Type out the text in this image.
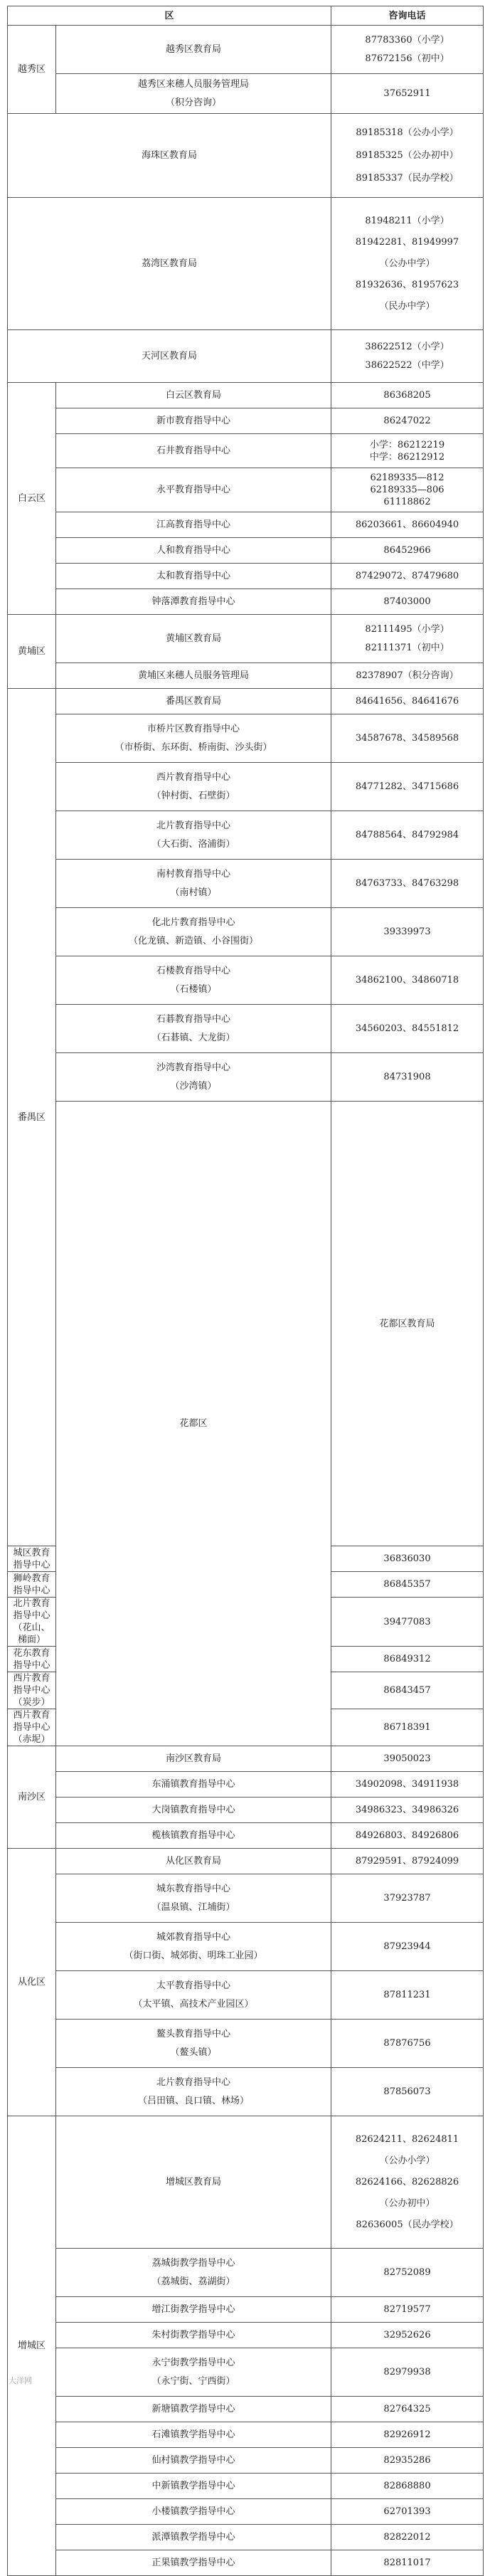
区		咨询电话	
越秀区	越秀区教育局	87783360（小学）
87672156（初中）	

	越秀区来穗人员服务管理局
（积分咨询）	37652911	

海珠区教育局		89185318（公办小学）
89185325（公办初中）
89185337（民办学校）	

荔湾区教育局		81948211（小学）
81942281、81949997
（公办中学）
81932636、81957623
（民办中学）	

天河区教育局		38622512（小学）
38622522（中学）	

白云区	白云区教育局	86368205	

	新市教育指导中心	86247022	

	石井教育指导中心	小学：86212219
中学：86212912	

	永平教育指导中心	62189335—812
62189335—806
61118862	

	江高教育指导中心	86203661、86604940	

	人和教育指导中心	86452966	

	太和教育指导中心	87429072、87479680	

	钟落潭教育指导中心	87403000	

黄埔区	黄埔区教育局	82111495（小学）
82111371（初中）	

	黄埔区来穗人员服务管理局	82378907（积分咨询）	

番禺区	番禺区教育局	84641656、84641676	

	市桥片区教育指导中心
（市桥街、东环街、桥南街、沙头街）	34587678、34589568	

	西片教育指导中心
（钟村街、石壁街）	84771282、34715686	

	北片教育指导中心
（大石街、洛浦街）	84788564、84792984	

	南村教育指导中心
（南村镇）	84763733、84763298	

	化北片教育指导中心
（化龙镇、新造镇、小谷围街）	39339973	

	石楼教育指导中心
（石楼镇）	34862100、34860718	

	石碁教育指导中心
（石碁镇、大龙街）	34560203、84551812	

	沙湾教育指导中心
（沙湾镇）	84731908	

	花都区	花都区教育局

城区教育指导中心		36836030	

狮岭教育指导中心		86845357	

北片教育指导中心（花山、梯面）		39477083	

花东教育指导中心		86849312	

西片教育指导中心（炭步）		86843457	

西片教育指导中心（赤坭）		86718391	

南沙区	南沙区教育局	39050023	

	东涌镇教育指导中心	34902098、34911938	

	大岗镇教育指导中心	34986323、34986326	

	榄核镇教育指导中心	84926803、84926806	

从化区	从化区教育局	87929591、87924099	

	城东教育指导中心
（温泉镇、江埔街）	37923787	

	城郊教育指导中心
（街口街、城郊街、明珠工业园）	87923944	

	太平教育指导中心
（太平镇、高技术产业园区）	87811231	

	鳌头教育指导中心
（鳌头镇）	87876756	

	北片教育指导中心
（吕田镇、良口镇、林场）	87856073	

增城区	增城区教育局	82624211、82624811
（公办小学）
82624166、82628826
（公办初中）
82636005（民办学校）	

	荔城街教学指导中心
（荔城街、荔湖街）	82752089	

	增江街教学指导中心	82719577	

	朱村街教学指导中心	32952626	

	永宁街教学指导中心
（永宁街、宁西街）	82979938	

	新塘镇教学指导中心	82764325	

	石滩镇教学指导中心	82926912	

	仙村镇教学指导中心	82935286	

	中新镇教学指导中心	82868880	

	小楼镇教学指导中心	62701393	

	派潭镇教学指导中心	82822012	

	正果镇教学指导中心	82811017	
大洋网
